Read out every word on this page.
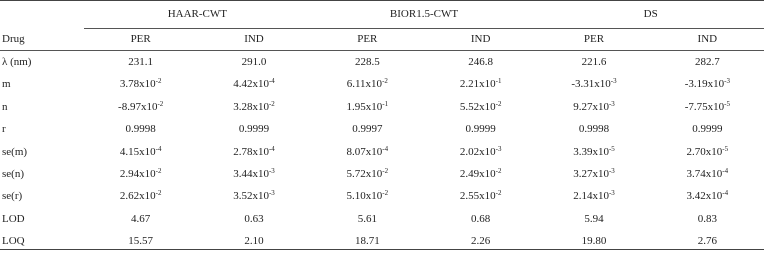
	HAAR-CWT		BIOR1.5-CWT		DS	
Drug	PER	IND	PER	IND	PER	IND
λ (nm)	231.1	291.0	228.5	246.8	221.6	282.7
m	$3.78x10^{-2}$	$4.42x10^{-4}$	$6.11x10^{-2}$	$2.21x10^{-1}$	$-3.31x10^{-3}$	$-3.19x10^{-3}$
n	$-8.97x10^{-2}$	$3.28x10^{-2}$	$1.95x10^{-1}$	$5.52x10^{-2}$	$9.27x10^{-3}$	$-7.75x10^{-5}$
r	0.9998	0.9999	0.9997	0.9999	0.9998	0.9999
se(m)	$4.15x10^{-4}$	$2.78x10^{-4}$	$8.07x10^{-4}$	$2.02x10^{-3}$	$3.39x10^{-5}$	$2.70x10^{-5}$
se(n)	$2.94x10^{-2}$	$3.44x10^{-3}$	$5.72x10^{-2}$	$2.49x10^{-2}$	$3.27x10^{-3}$	$3.74x10^{-4}$
se(r)	$2.62x10^{-2}$	$3.52x10^{-3}$	$5.10x10^{-2}$	$2.55x10^{-2}$	$2.14x10^{-3}$	$3.42x10^{-4}$
LOD	4.67	0.63	5.61	0.68	5.94	0.83
LOQ	15.57	2.10	18.71	2.26	19.80	2.76
